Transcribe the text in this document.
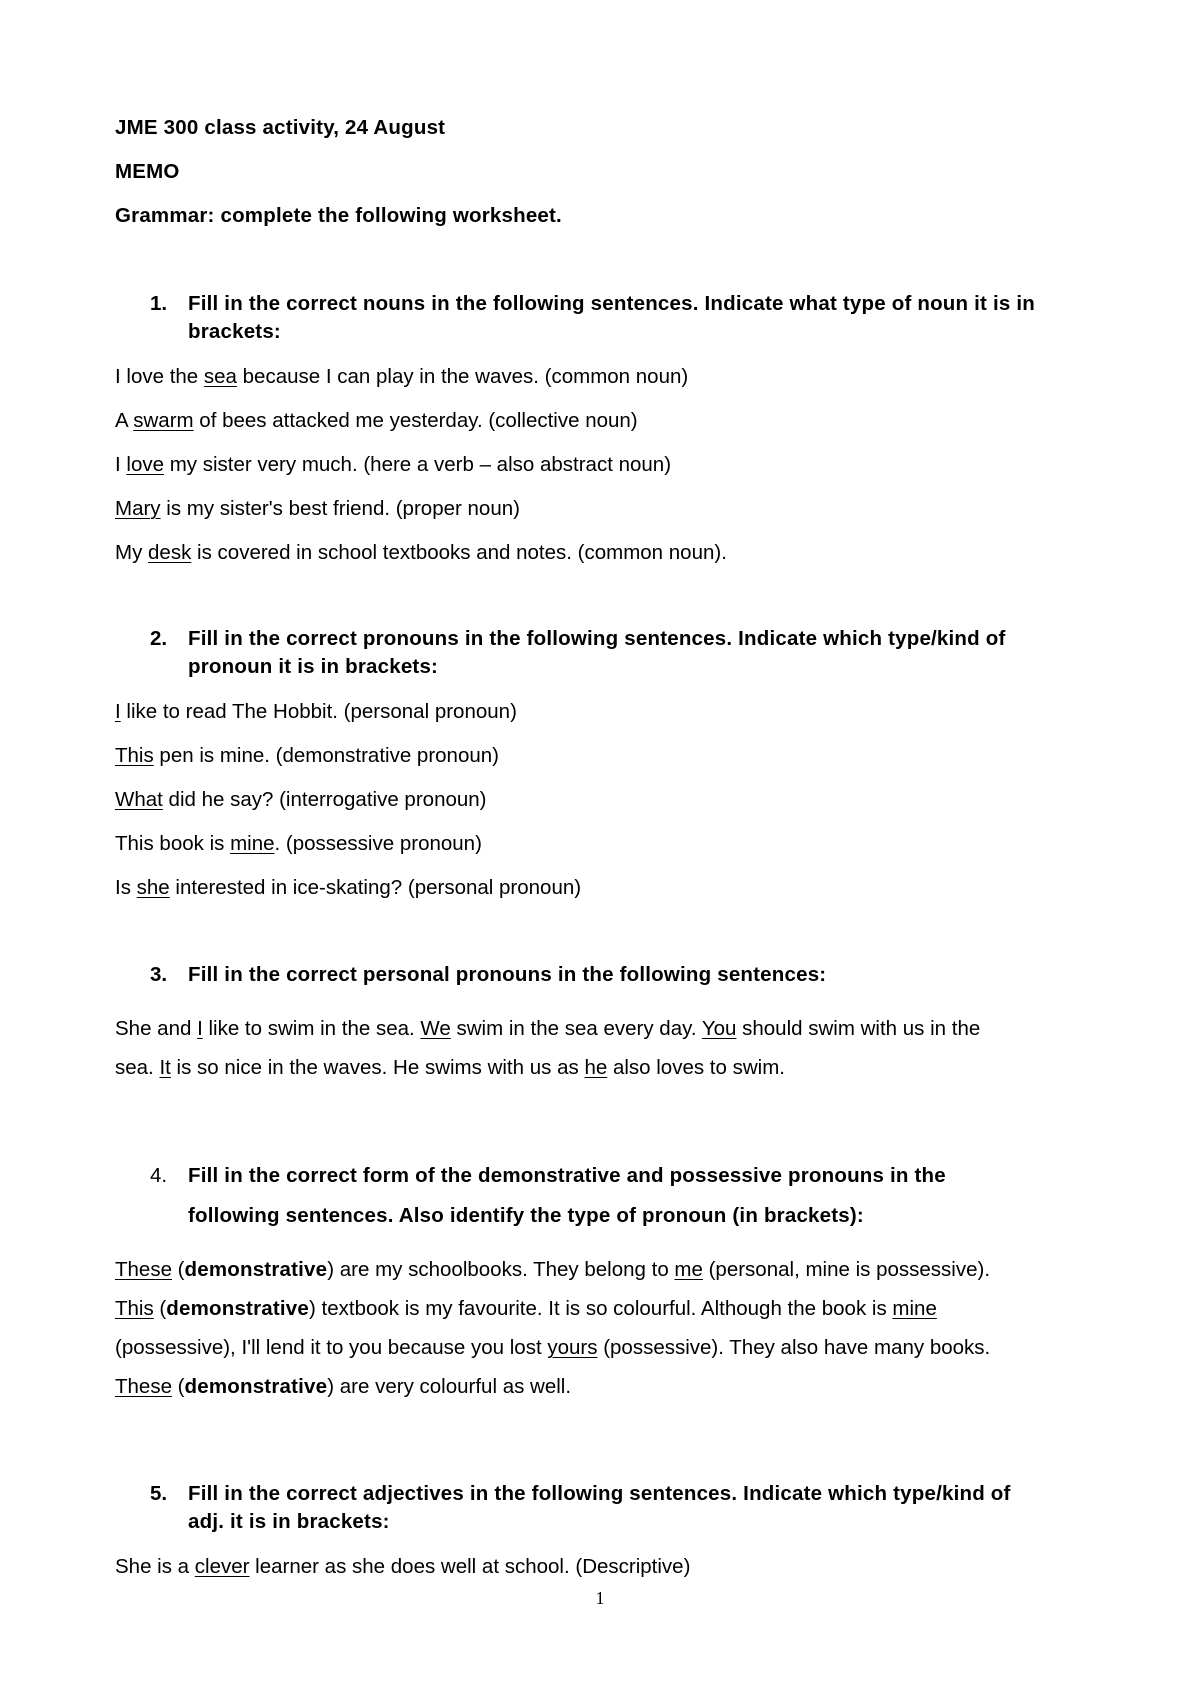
JME 300 class activity, 24 August
MEMO
Grammar: complete the following worksheet.
1. Fill in the correct nouns in the following sentences. Indicate what type of noun it is in
brackets:
I love the sea because I can play in the waves. (common noun)
A swarm of bees attacked me yesterday. (collective noun)
I love my sister very much. (here a verb – also abstract noun)
Mary is my sister's best friend. (proper noun)
My desk is covered in school textbooks and notes. (common noun).
2. Fill in the correct pronouns in the following sentences. Indicate which type/kind of
pronoun it is in brackets:
I like to read The Hobbit. (personal pronoun)
This pen is mine. (demonstrative pronoun)
What did he say? (interrogative pronoun)
This book is mine. (possessive pronoun)
Is she interested in ice-skating? (personal pronoun)
3. Fill in the correct personal pronouns in the following sentences:
She and I like to swim in the sea. We swim in the sea every day. You should swim with us in the
sea. It is so nice in the waves. He swims with us as he also loves to swim.
4. Fill in the correct form of the demonstrative and possessive pronouns in the
following sentences. Also identify the type of pronoun (in brackets):
These (demonstrative) are my schoolbooks. They belong to me (personal, mine is possessive).
This (demonstrative) textbook is my favourite. It is so colourful. Although the book is mine
(possessive), I'll lend it to you because you lost yours (possessive). They also have many books.
These (demonstrative) are very colourful as well.
5. Fill in the correct adjectives in the following sentences. Indicate which type/kind of
adj. it is in brackets:
She is a clever learner as she does well at school. (Descriptive)
1
